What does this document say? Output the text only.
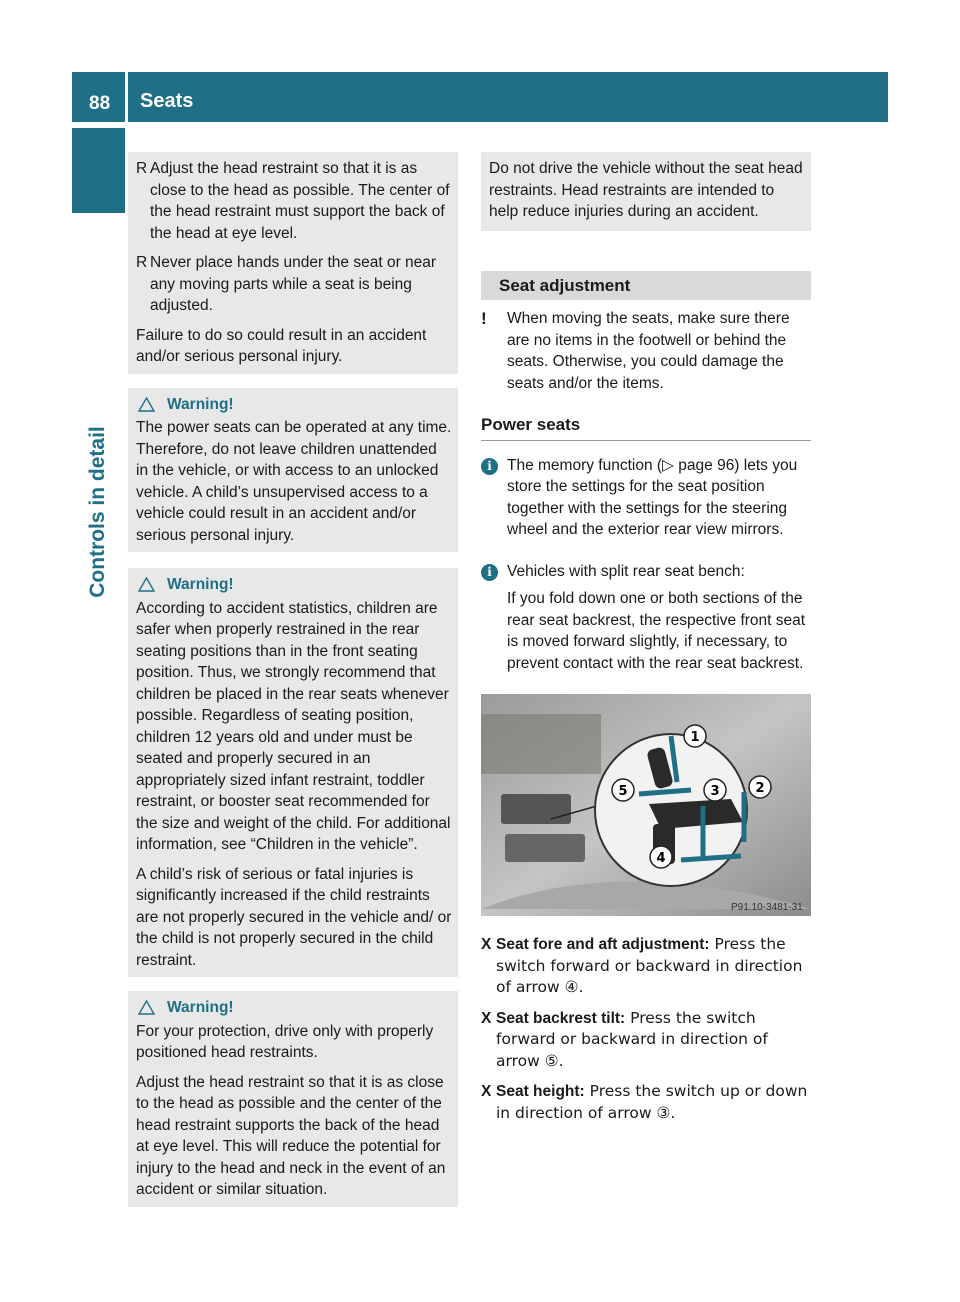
88	Seats
Controls in detail
R Adjust the head restraint so that it is as close to the head as possible. The center of the head restraint must support the back of the head at eye level.
R Never place hands under the seat or near any moving parts while a seat is being adjusted.

Failure to do so could result in an accident and/or serious personal injury.

Warning!

The power seats can be operated at any time. Therefore, do not leave children unattended in the vehicle, or with access to an unlocked vehicle. A child’s unsupervised access to a vehicle could result in an accident and/or serious personal injury.

Warning!

According to accident statistics, children are safer when properly restrained in the rear seating positions than in the front seating position. Thus, we strongly recommend that children be placed in the rear seats whenever possible. Regardless of seating position, children 12 years old and under must be seated and properly secured in an appropriately sized infant restraint, toddler restraint, or booster seat recommended for the size and weight of the child. For additional information, see “Children in the vehicle”.

A child’s risk of serious or fatal injuries is significantly increased if the child restraints are not properly secured in the vehicle and/ or the child is not properly secured in the child restraint.

Warning!

For your protection, drive only with properly positioned head restraints.

Adjust the head restraint so that it is as close to the head as possible and the center of the head restraint supports the back of the head at eye level. This will reduce the potential for injury to the head and neck in the event of an accident or similar situation.

Do not drive the vehicle without the seat head restraints. Head restraints are intended to help reduce injuries during an accident.

Seat adjustment
!	When moving the seats, make sure there are no items in the footwell or behind the seats. Otherwise, you could damage the seats and/or the items.

Power seats
i The memory function (▷ page 96) lets you store the settings for the seat position together with the settings for the steering wheel and the exterior rear view mirrors.

i Vehicles with split rear seat bench:

If you fold down one or both sections of the rear seat backrest, the respective front seat is moved forward slightly, if necessary, to prevent contact with the rear seat backrest.

1
2
3
4
5
P91.10-3481-31
X Seat fore and aft adjustment: Press the switch forward or backward in direction of arrow ④.
X Seat backrest tilt: Press the switch forward or backward in direction of arrow ⑤.
X Seat height: Press the switch up or down in direction of arrow ③.
